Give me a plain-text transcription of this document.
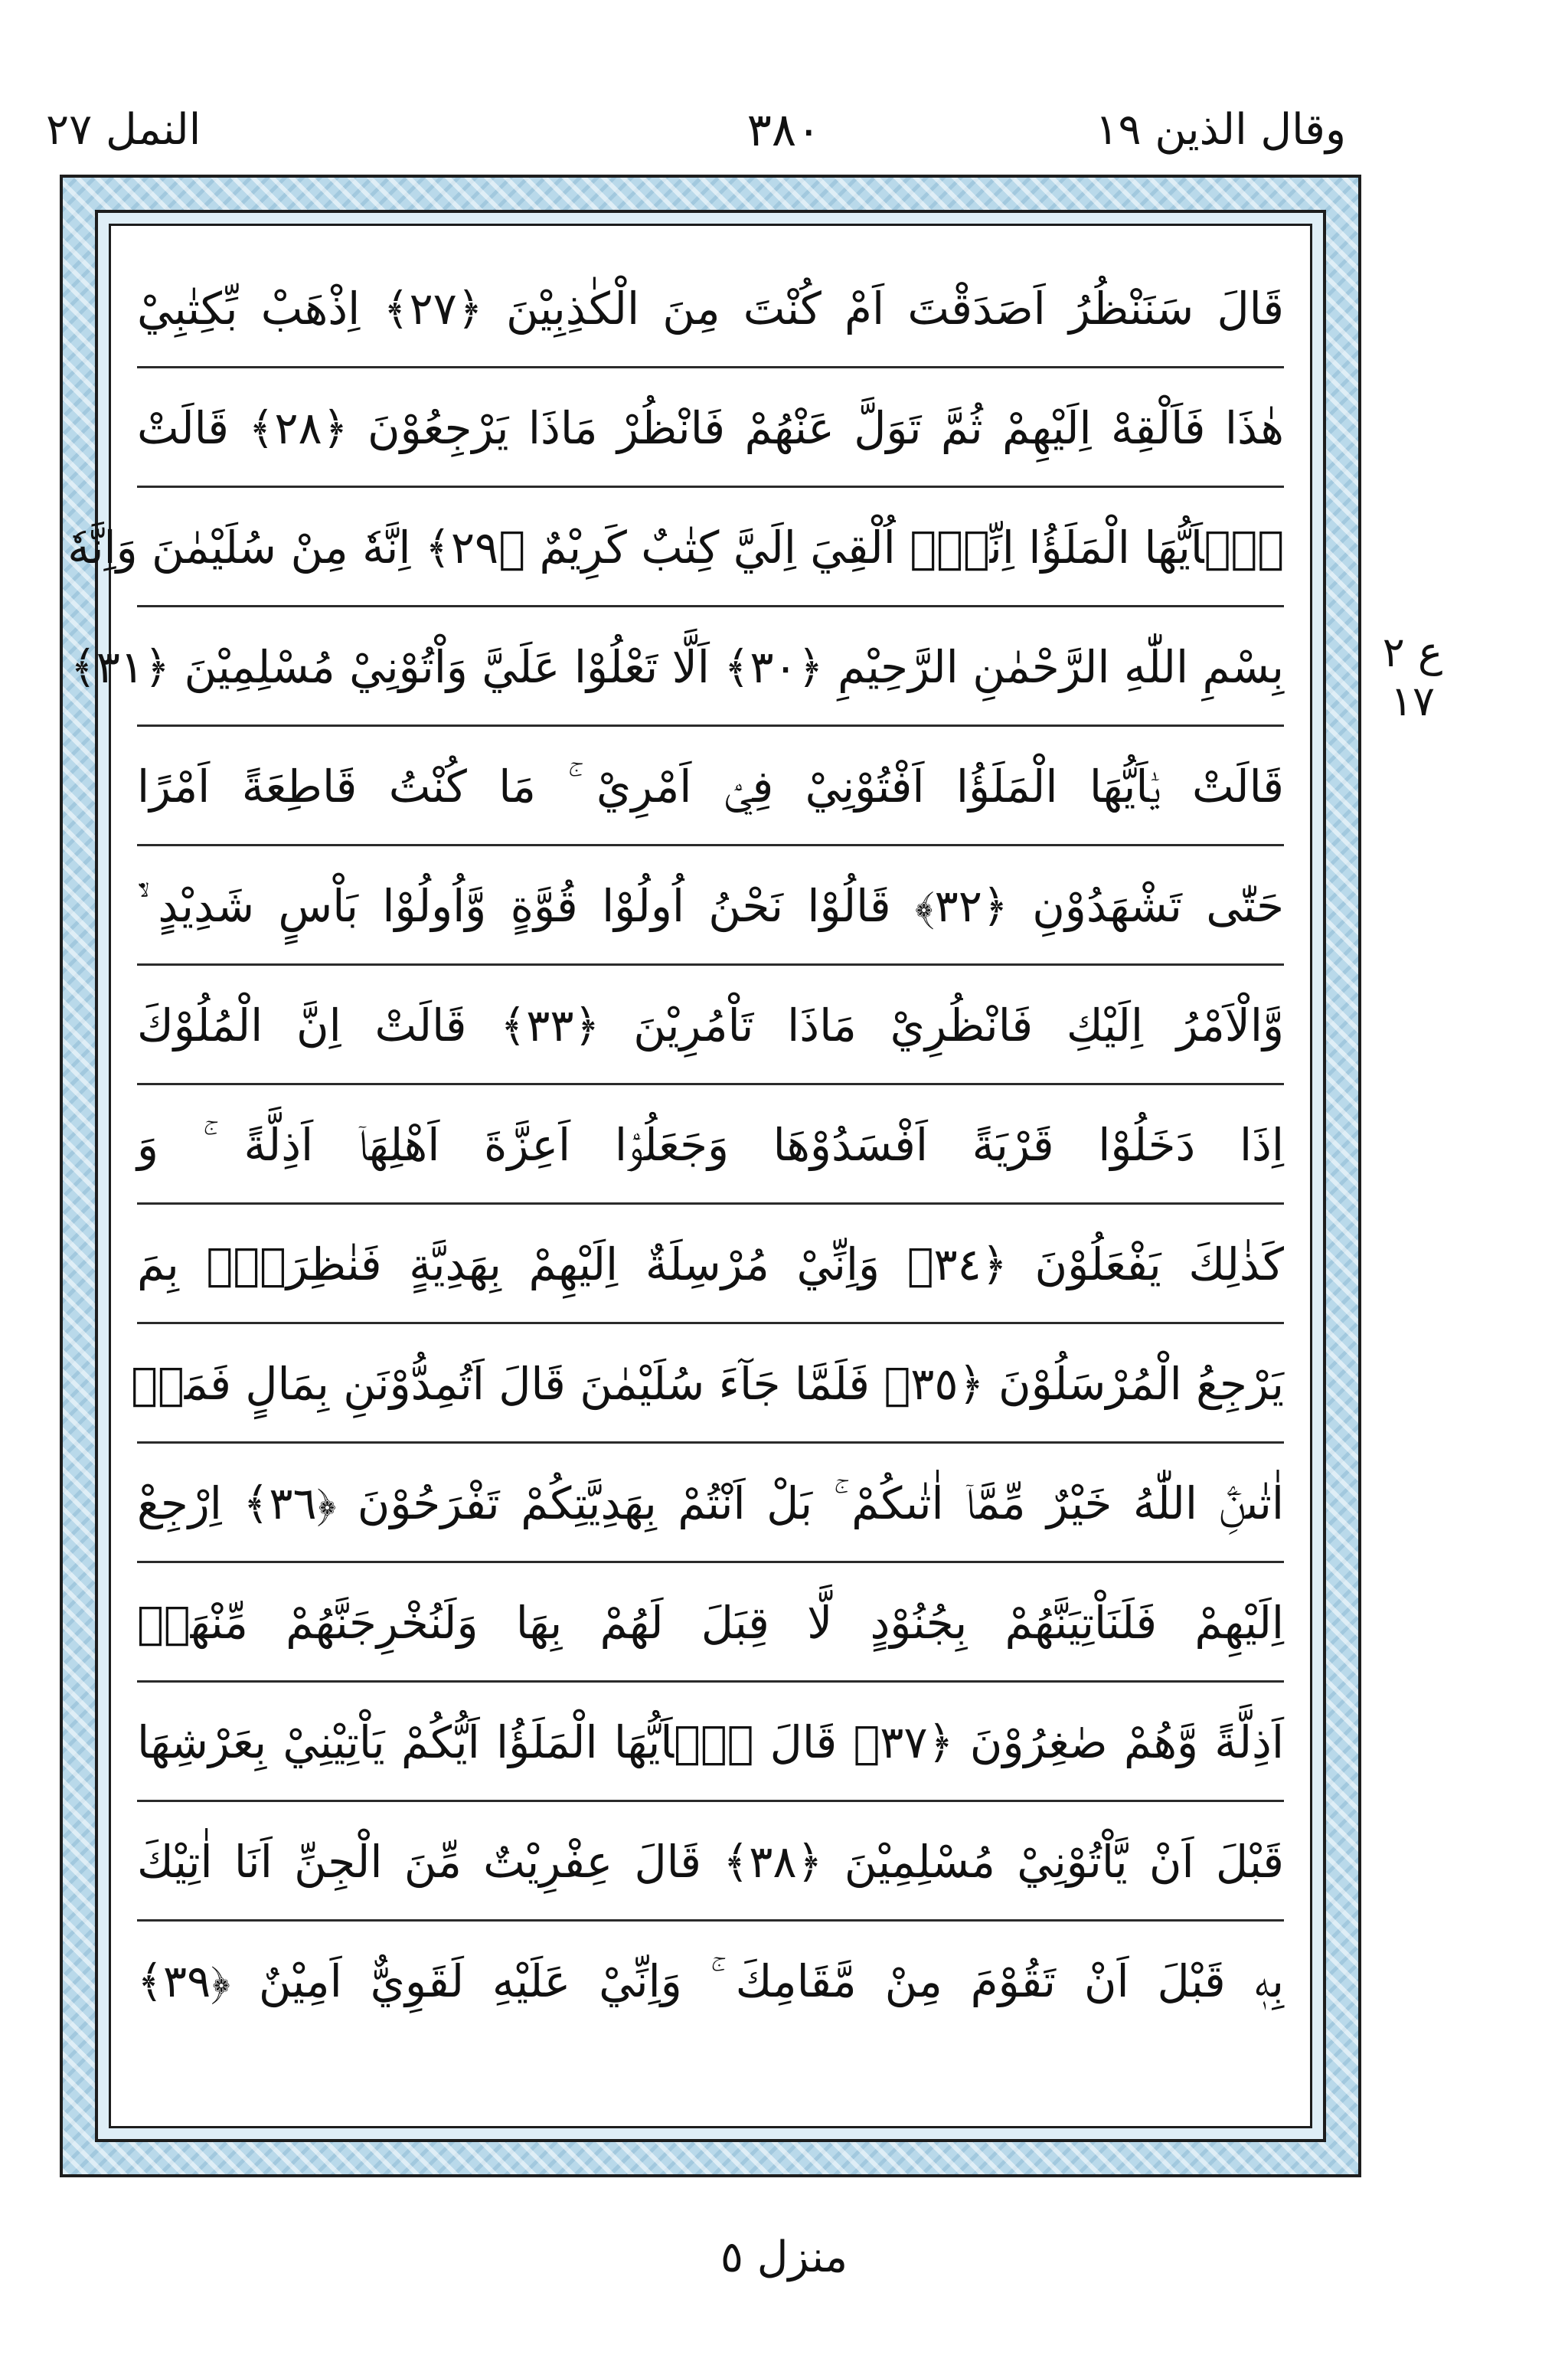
وقال الذين ١٩
٣٨٠
النمل ٢٧
قَالَ سَنَنْظُرُ اَصَدَقْتَ اَمْ كُنْتَ مِنَ الْكٰذِبِيْنَ ﴿٢٧﴾ اِذْهَبْ بِّكِتٰبِيْ
هٰذَا فَاَلْقِهْ اِلَيْهِمْ ثُمَّ تَوَلَّ عَنْهُمْ فَانْظُرْ مَاذَا يَرْجِعُوْنَ ﴿٢٨﴾ قَالَتْ
يٰۤاَيُّهَا الْمَلَؤُا اِنِّيْۤ اُلْقِيَ اِلَيَّ كِتٰبٌ كَرِيْمٌ ﴿٢٩﴾ اِنَّهٗ مِنْ سُلَيْمٰنَ وَاِنَّهٗ
بِسْمِ اللّٰهِ الرَّحْمٰنِ الرَّحِيْمِ ﴿٣٠﴾ اَلَّا تَعْلُوْا عَلَيَّ وَاْتُوْنِيْ مُسْلِمِيْنَ ﴿٣١﴾
قَالَتْ يٰۤاَيُّهَا الْمَلَؤُا اَفْتُوْنِيْ فِيْۤ اَمْرِيْ ۚ مَا كُنْتُ قَاطِعَةً اَمْرًا
حَتّٰى تَشْهَدُوْنِ ﴿٣٢﴾ قَالُوْا نَحْنُ اُولُوْا قُوَّةٍ وَّاُولُوْا بَاْسٍ شَدِيْدٍ ۙ۬
وَّالْاَمْرُ اِلَيْكِ فَانْظُرِيْ مَاذَا تَاْمُرِيْنَ ﴿٣٣﴾ قَالَتْ اِنَّ الْمُلُوْكَ
اِذَا دَخَلُوْا قَرْيَةً اَفْسَدُوْهَا وَجَعَلُوْۤا اَعِزَّةَ اَهْلِهَاۤ اَذِلَّةً ۚ وَ
كَذٰلِكَ يَفْعَلُوْنَ ﴿٣٤﴾ وَاِنِّيْ مُرْسِلَةٌ اِلَيْهِمْ بِهَدِيَّةٍ فَنٰظِرَةٌۢ بِمَ
يَرْجِعُ الْمُرْسَلُوْنَ ﴿٣٥﴾ فَلَمَّا جَآءَ سُلَيْمٰنَ قَالَ اَتُمِدُّوْنَنِ بِمَالٍ فَمَاۤ
اٰتٰىنَِۧ اللّٰهُ خَيْرٌ مِّمَّاۤ اٰتٰىكُمْ ۚ بَلْ اَنْتُمْ بِهَدِيَّتِكُمْ تَفْرَحُوْنَ ﴿٣٦﴾ اِرْجِعْ
اِلَيْهِمْ فَلَنَاْتِيَنَّهُمْ بِجُنُوْدٍ لَّا قِبَلَ لَهُمْ بِهَا وَلَنُخْرِجَنَّهُمْ مِّنْهَاۤ
اَذِلَّةً وَّهُمْ صٰغِرُوْنَ ﴿٣٧﴾ قَالَ يٰۤاَيُّهَا الْمَلَؤُا اَيُّكُمْ يَاْتِيْنِيْ بِعَرْشِهَا
قَبْلَ اَنْ يَّاْتُوْنِيْ مُسْلِمِيْنَ ﴿٣٨﴾ قَالَ عِفْرِيْتٌ مِّنَ الْجِنِّ اَنَا اٰتِيْكَ
بِهٖ قَبْلَ اَنْ تَقُوْمَ مِنْ مَّقَامِكَ ۚ وَاِنِّيْ عَلَيْهِ لَقَوِيٌّ اَمِيْنٌ ﴿٣٩﴾
ع ٢ ١٧
منزل ٥
